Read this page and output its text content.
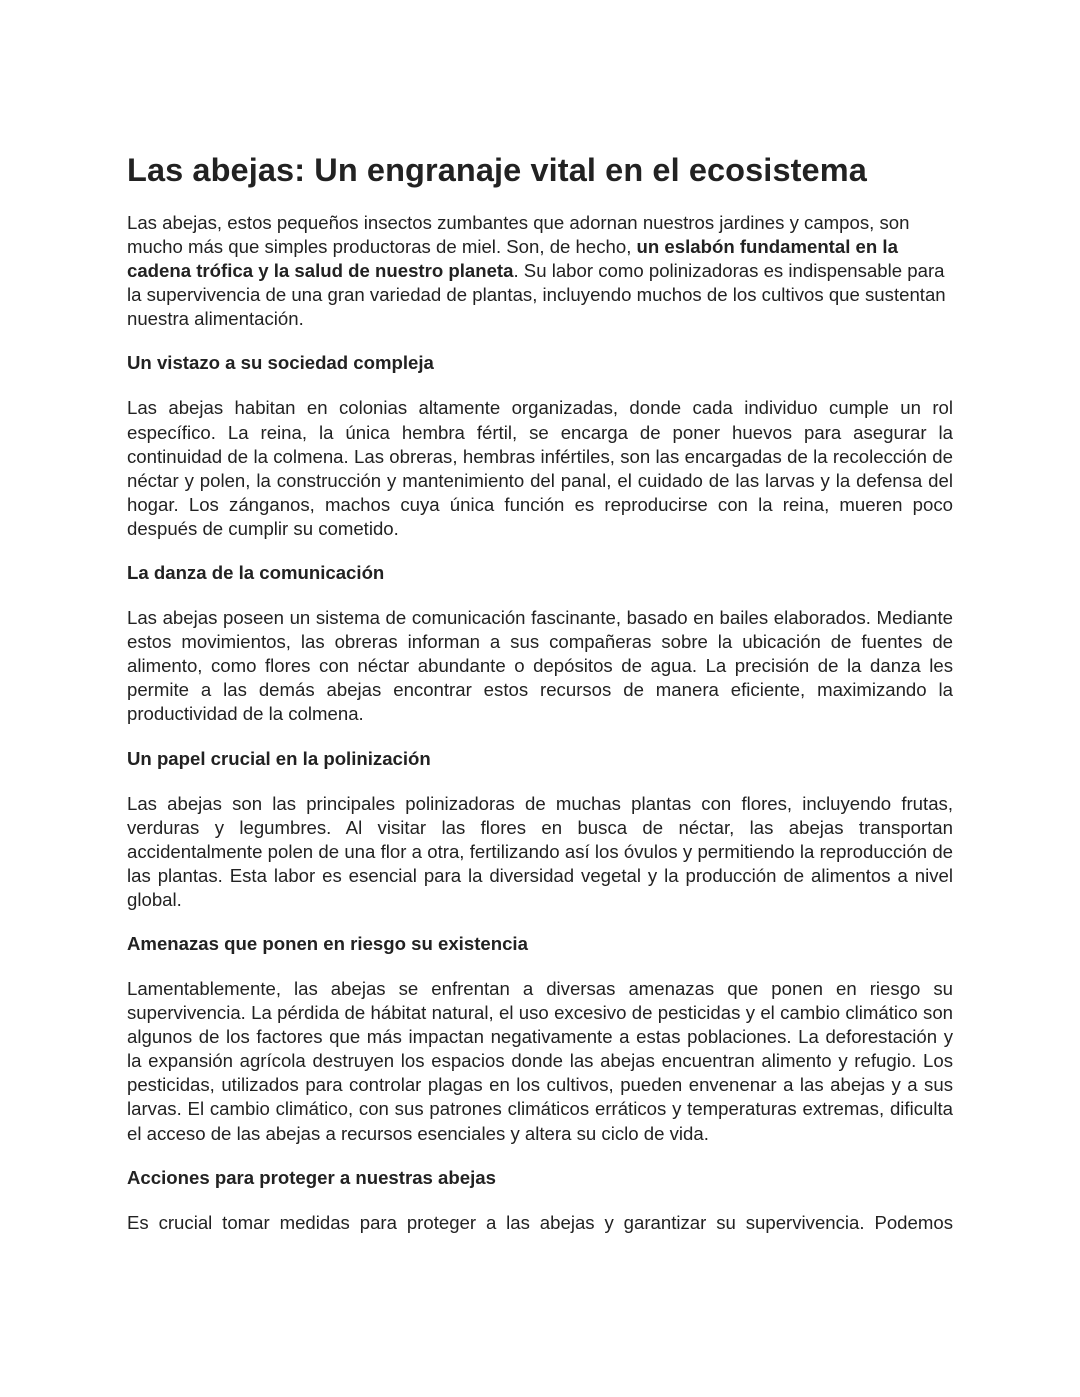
Las abejas: Un engranaje vital en el ecosistema

Las abejas, estos pequeños insectos zumbantes que adornan nuestros jardines y campos, son mucho más que simples productoras de miel. Son, de hecho, un eslabón fundamental en la cadena trófica y la salud de nuestro planeta. Su labor como polinizadoras es indispensable para la supervivencia de una gran variedad de plantas, incluyendo muchos de los cultivos que sustentan nuestra alimentación.

Un vistazo a su sociedad compleja

Las abejas habitan en colonias altamente organizadas, donde cada individuo cumple un rol específico. La reina, la única hembra fértil, se encarga de poner huevos para asegurar la continuidad de la colmena. Las obreras, hembras infértiles, son las encargadas de la recolección de néctar y polen, la construcción y mantenimiento del panal, el cuidado de las larvas y la defensa del hogar. Los zánganos, machos cuya única función es reproducirse con la reina, mueren poco después de cumplir su cometido.

La danza de la comunicación

Las abejas poseen un sistema de comunicación fascinante, basado en bailes elaborados. Mediante estos movimientos, las obreras informan a sus compañeras sobre la ubicación de fuentes de alimento, como flores con néctar abundante o depósitos de agua. La precisión de la danza les permite a las demás abejas encontrar estos recursos de manera eficiente, maximizando la productividad de la colmena.

Un papel crucial en la polinización

Las abejas son las principales polinizadoras de muchas plantas con flores, incluyendo frutas, verduras y legumbres. Al visitar las flores en busca de néctar, las abejas transportan accidentalmente polen de una flor a otra, fertilizando así los óvulos y permitiendo la reproducción de las plantas. Esta labor es esencial para la diversidad vegetal y la producción de alimentos a nivel global.

Amenazas que ponen en riesgo su existencia

Lamentablemente, las abejas se enfrentan a diversas amenazas que ponen en riesgo su supervivencia. La pérdida de hábitat natural, el uso excesivo de pesticidas y el cambio climático son algunos de los factores que más impactan negativamente a estas poblaciones. La deforestación y la expansión agrícola destruyen los espacios donde las abejas encuentran alimento y refugio. Los pesticidas, utilizados para controlar plagas en los cultivos, pueden envenenar a las abejas y a sus larvas. El cambio climático, con sus patrones climáticos erráticos y temperaturas extremas, dificulta el acceso de las abejas a recursos esenciales y altera su ciclo de vida.

Acciones para proteger a nuestras abejas

Es crucial tomar medidas para proteger a las abejas y garantizar su supervivencia. Podemos
